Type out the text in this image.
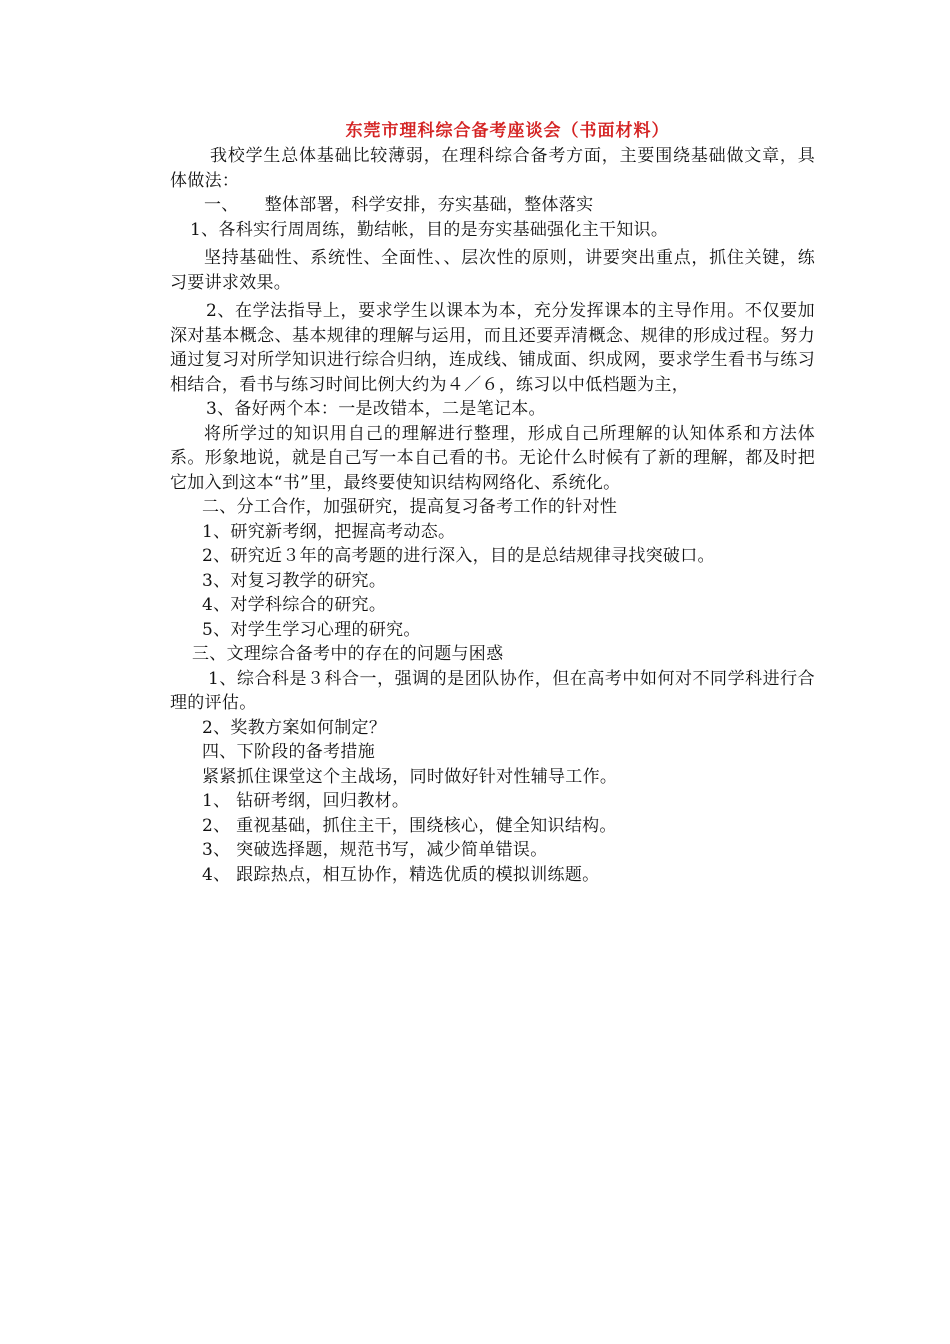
东莞市理科综合备考座谈会（书面材料）

我校学生总体基础比较薄弱，在理科综合备考方面，主要围绕基础做文章，具体做法：

一、　　整体部署，科学安排，夯实基础，整体落实

1、各科实行周周练，勤结帐，目的是夯实基础强化主干知识。

坚持基础性、系统性、全面性、、层次性的原则，讲要突出重点，抓住关键，练习要讲求效果。

2、在学法指导上，要求学生以课本为本，充分发挥课本的主导作用。不仅要加深对基本概念、基本规律的理解与运用，而且还要弄清概念、规律的形成过程。努力通过复习对所学知识进行综合归纳，连成线、铺成面、织成网，要求学生看书与练习相结合，看书与练习时间比例大约为４／６，练习以中低档题为主，

3、备好两个本：一是改错本，二是笔记本。

将所学过的知识用自己的理解进行整理，形成自己所理解的认知体系和方法体系。形象地说，就是自己写一本自己看的书。无论什么时候有了新的理解，都及时把它加入到这本“书”里，最终要使知识结构网络化、系统化。

二、分工合作，加强研究，提高复习备考工作的针对性

1、研究新考纲，把握高考动态。

2、研究近３年的高考题的进行深入，目的是总结规律寻找突破口。

3、对复习教学的研究。

4、对学科综合的研究。

5、对学生学习心理的研究。

三、文理综合备考中的存在的问题与困惑

1、综合科是３科合一，强调的是团队协作，但在高考中如何对不同学科进行合理的评估。

2、奖教方案如何制定？

四、下阶段的备考措施

紧紧抓住课堂这个主战场，同时做好针对性辅导工作。

1、 钻研考纲，回归教材。

2、 重视基础，抓住主干，围绕核心，健全知识结构。

3、 突破选择题，规范书写，减少简单错误。

4、 跟踪热点，相互协作，精选优质的模拟训练题。
